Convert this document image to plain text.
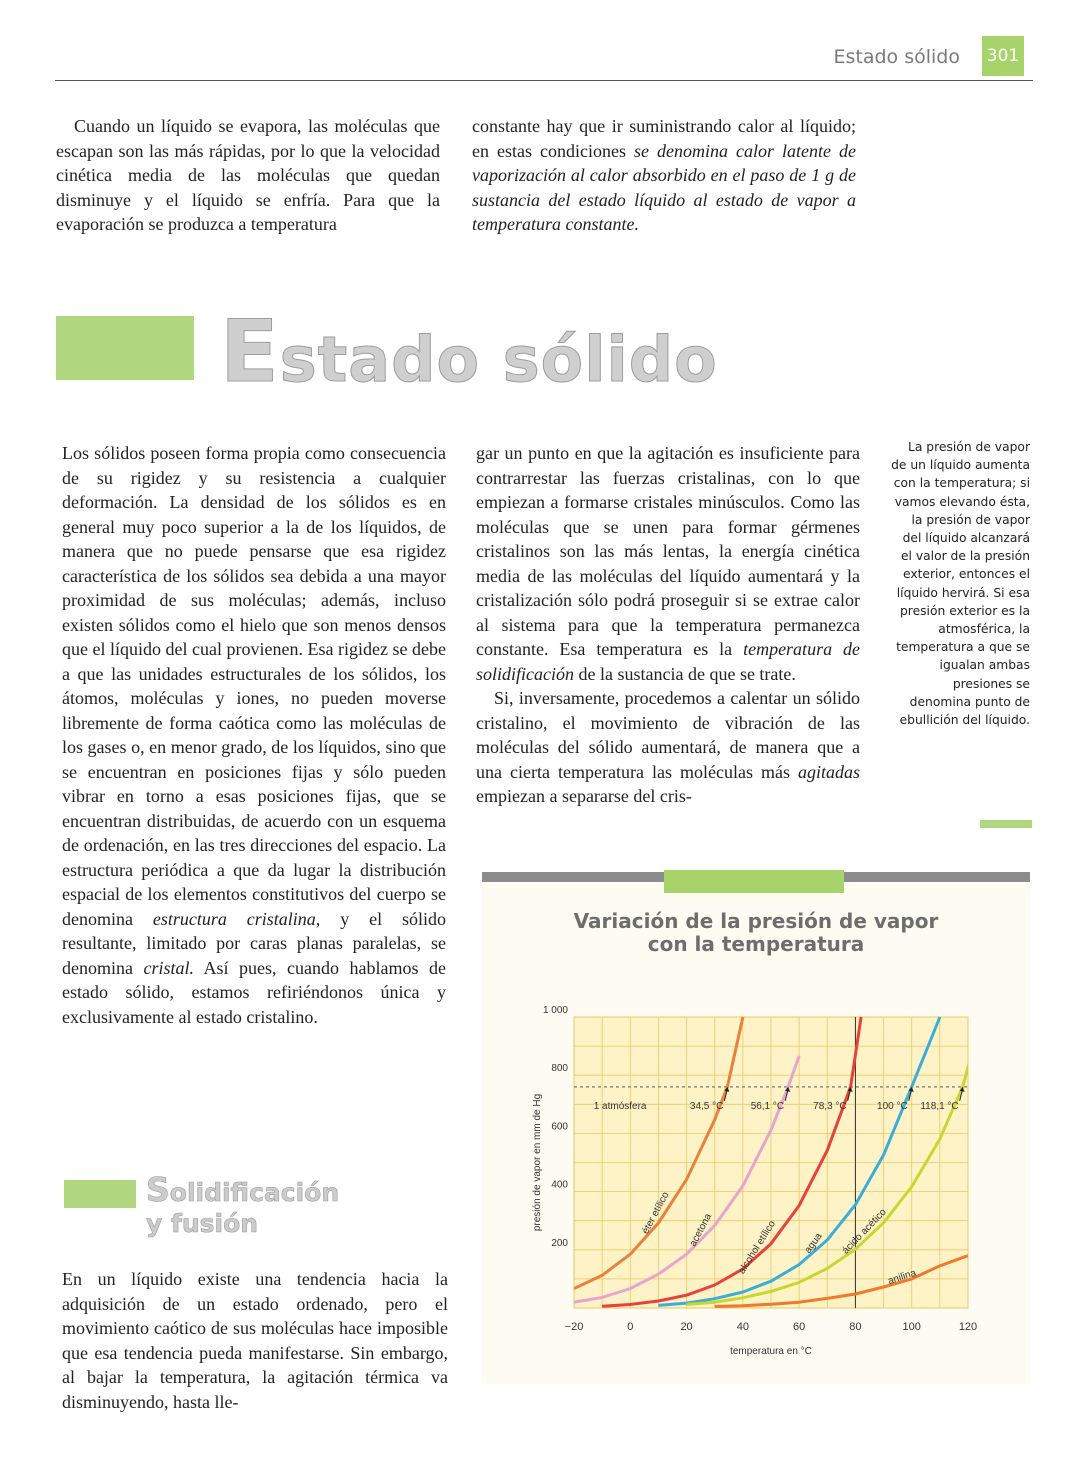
Estado sólido 301

Cuando un líquido se evapora, las moléculas que escapan son las más rápidas, por lo que la velocidad cinética media de las moléculas que quedan disminuye y el líquido se enfría. Para que la evaporación se produzca a temperatura

constante hay que ir suministrando calor al líquido; en estas condiciones se denomina calor latente de vaporización al calor absorbido en el paso de 1 g de sustancia del estado líquido al estado de vapor a temperatura constante.

Estado sólido

Los sólidos poseen forma propia como consecuencia de su rigidez y su resistencia a cualquier deformación. La densidad de los sólidos es en general muy poco superior a la de los líquidos, de manera que no puede pensarse que esa rigidez característica de los sólidos sea debida a una mayor proximidad de sus moléculas; además, incluso existen sólidos como el hielo que son menos densos que el líquido del cual provienen. Esa rigidez se debe a que las unidades estructurales de los sólidos, los átomos, moléculas y iones, no pueden moverse libremente de forma caótica como las moléculas de los gases o, en menor grado, de los líquidos, sino que se encuentran en posiciones fijas y sólo pueden vibrar en torno a esas posiciones fijas, que se encuentran distribuidas, de acuerdo con un esquema de ordenación, en las tres direcciones del espacio. La estructura periódica a que da lugar la distribución espacial de los elementos constitutivos del cuerpo se denomina estructura cristalina, y el sólido resultante, limitado por caras planas paralelas, se denomina cristal. Así pues, cuando hablamos de estado sólido, estamos refiriéndonos única y exclusivamente al estado cristalino.

gar un punto en que la agitación es insuficiente para contrarrestar las fuerzas cristalinas, con lo que empiezan a formarse cristales minúsculos. Como las moléculas que se unen para formar gérmenes cristalinos son las más lentas, la energía cinética media de las moléculas del líquido aumentará y la cristalización sólo podrá proseguir si se extrae calor al sistema para que la temperatura permanezca constante. Esa temperatura es la temperatura de solidificación de la sustancia de que se trate.

Si, inversamente, procedemos a calentar un sólido cristalino, el movimiento de vibración de las moléculas del sólido aumentará, de manera que a una cierta temperatura las moléculas más agitadas empiezan a separarse del cris-

La presión de vapor de un líquido aumenta con la temperatura; si vamos elevando ésta, la presión de vapor del líquido alcanzará el valor de la presión exterior, entonces el líquido hervirá. Si esa presión exterior es la atmosférica, la temperatura a que se igualan ambas presiones se denomina punto de ebullición del líquido.
Solidificación
y fusión

En un líquido existe una tendencia hacia la adquisición de un estado ordenado, pero el movimiento caótico de sus moléculas hace imposible que esa tendencia pueda manifestarse. Sin embargo, al bajar la temperatura, la agitación térmica va disminuyendo, hasta lle-

Variación de la presión de vapor
con la temperatura
−20	0	20	40	60	80	100	120
200
400
600
800
1 000
temperatura en °C
presión de vapor en mm de Hg	éter etílico acetona alcohol etílico agua ácido acético
anilina
1 atmósfera	34,5 °C	56,1 °C	78,3 °C	100 °C 118,1 °C
